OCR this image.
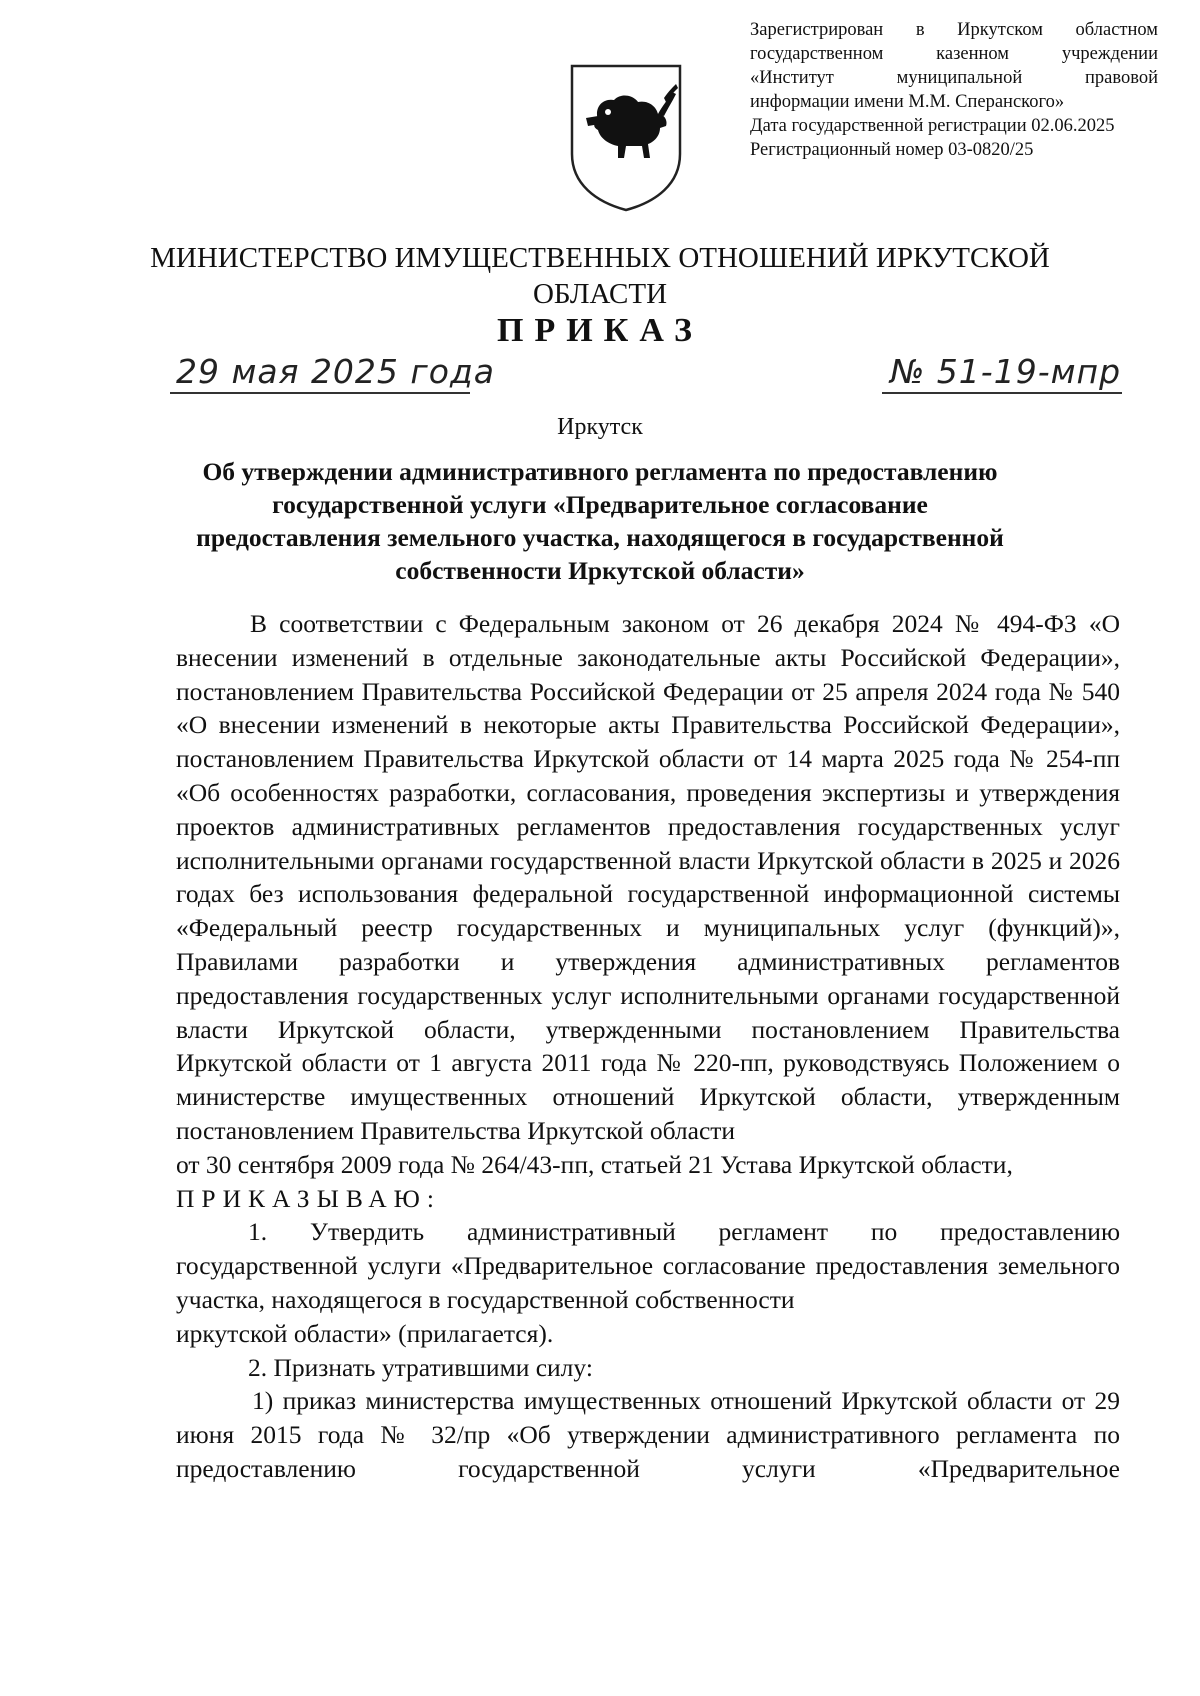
Зарегистрирован в Иркутском областном
государственном казенном учреждении
«Институт муниципальной правовой
информации имени М.М. Сперанского»
Дата государственной регистрации 02.06.2025
Регистрационный номер 03-0820/25
МИНИСТЕРСТВО ИМУЩЕСТВЕННЫХ ОТНОШЕНИЙ ИРКУТСКОЙ
ОБЛАСТИ
ПРИКАЗ
29 мая 2025 года	№ 51-19-мпр
Иркутск
Об утверждении административного регламента по предоставлению
государственной услуги «Предварительное согласование
предоставления земельного участка, находящегося в государственной
собственности Иркутской области»

В соответствии с Федеральным законом от 26 декабря 2024 № 494-ФЗ «О внесении изменений в отдельные законодательные акты Российской Федерации», постановлением Правительства Российской Федерации от 25 апреля 2024 года № 540 «О внесении изменений в некоторые акты Правительства Российской Федерации», постановлением Правительства Иркутской области от 14 марта 2025 года № 254-пп «Об особенностях разработки, согласования, проведения экспертизы и утверждения проектов административных регламентов предоставления государственных услуг исполнительными органами государственной власти Иркутской области в 2025 и 2026 годах без использования федеральной государственной информационной системы «Федеральный реестр государственных и муниципальных услуг (функций)», Правилами разработки и утверждения административных регламентов предоставления государственных услуг исполнительными органами государственной власти Иркутской области, утвержденными постановлением Правительства Иркутской области от 1 августа 2011 года № 220-пп, руководствуясь Положением о министерстве имущественных отношений Иркутской области, утвержденным постановлением Правительства Иркутской области

от 30 сентября 2009 года № 264/43-пп, статьей 21 Устава Иркутской области,

ПРИКАЗЫВАЮ:

1. Утвердить административный регламент по предоставлению государственной услуги «Предварительное согласование предоставления земельного участка, находящегося в государственной собственности

иркутской области» (прилагается).

2. Признать утратившими силу:

1) приказ министерства имущественных отношений Иркутской области от 29 июня 2015 года № 32/пр «Об утверждении административного регламента по предоставлению государственной услуги «Предварительное
